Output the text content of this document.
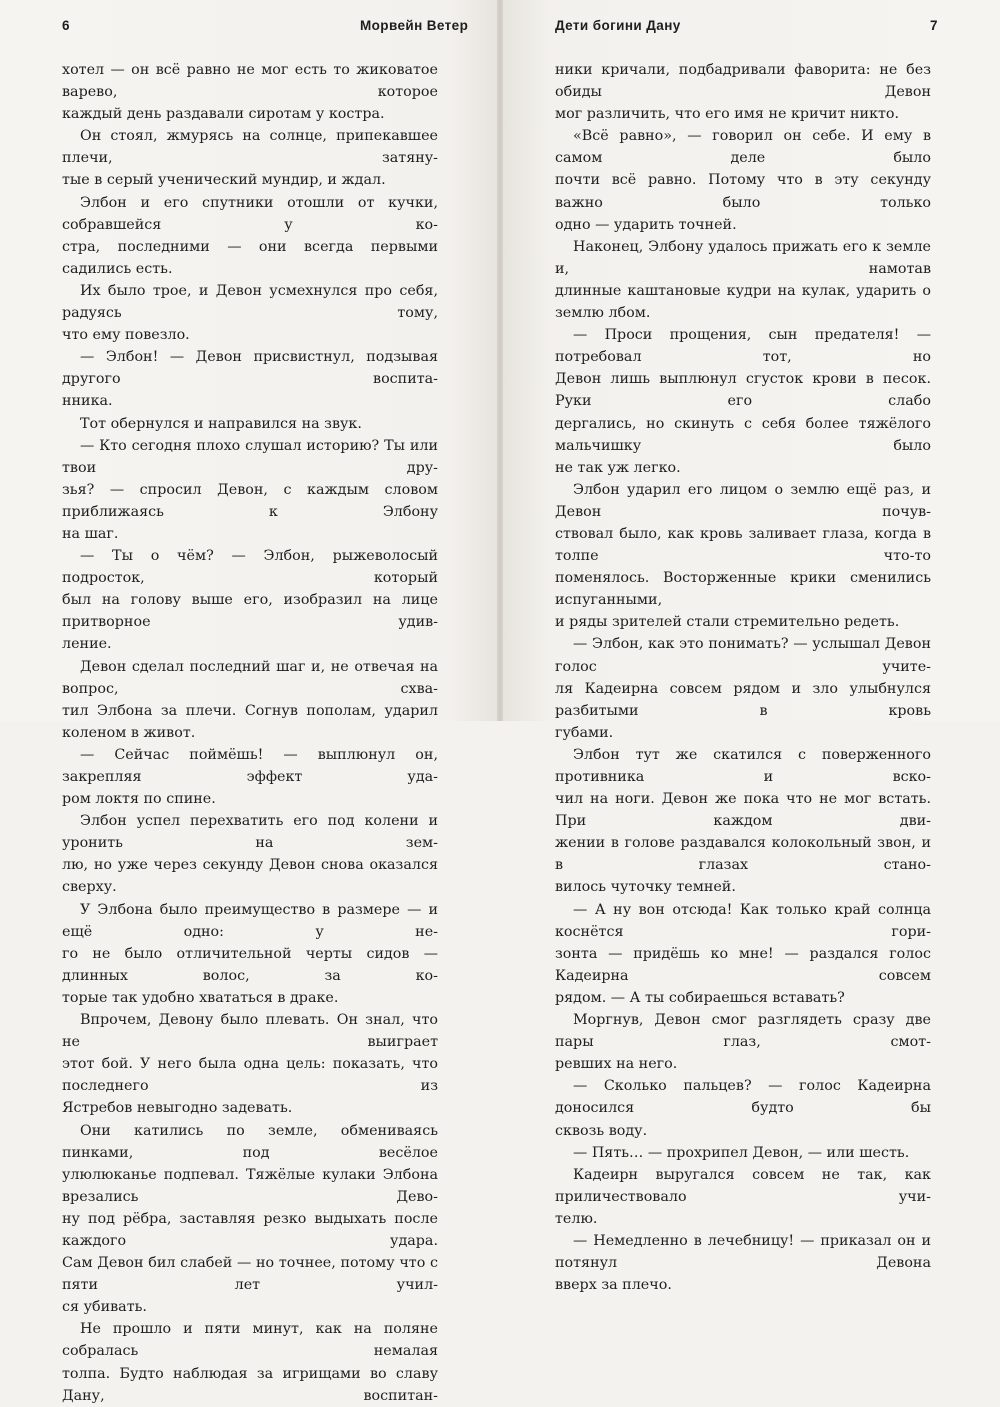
6	Морвейн Ветер

хотел — он всё равно не мог есть то жиковатое варево, которое

каждый день раздавали сиротам у костра.

Он стоял, жмурясь на солнце, припекавшее плечи, затяну-

тые в серый ученический мундир, и ждал.

Элбон и его спутники отошли от кучки, собравшейся у ко-

стра, последними — они всегда первыми садились есть.

Их было трое, и Девон усмехнулся про себя, радуясь тому,

что ему повезло.

— Элбон! — Девон присвистнул, подзывая другого воспита-

нника.

Тот обернулся и направился на звук.

— Кто сегодня плохо слушал историю? Ты или твои дру-

зья? — спросил Девон, с каждым словом приближаясь к Элбону

на шаг.

— Ты о чём? — Элбон, рыжеволосый подросток, который

был на голову выше его, изобразил на лице притворное удив-

ление.

Девон сделал последний шаг и, не отвечая на вопрос, схва-

тил Элбона за плечи. Согнув пополам, ударил коленом в живот.

— Сейчас поймёшь! — выплюнул он, закрепляя эффект уда-

ром локтя по спине.

Элбон успел перехватить его под колени и уронить на зем-

лю, но уже через секунду Девон снова оказался сверху.

У Элбона было преимущество в размере — и ещё одно: у не-

го не было отличительной черты сидов — длинных волос, за ко-

торые так удобно хвататься в драке.

Впрочем, Девону было плевать. Он знал, что не выиграет

этот бой. У него была одна цель: показать, что последнего из

Ястребов невыгодно задевать.

Они катились по земле, обмениваясь пинками, под весёлое

улюлюканье подпевал. Тяжёлые кулаки Элбона врезались Дево-

ну под рёбра, заставляя резко выдыхать после каждого удара.

Сам Девон бил слабей — но точнее, потому что с пяти лет учил-

ся убивать.

Не прошло и пяти минут, как на поляне собралась немалая

толпа. Будто наблюдая за игрищами во славу Дану, воспитан-

Дети богини Дану	7

ники кричали, подбадривали фаворита: не без обиды Девон

мог различить, что его имя не кричит никто.

«Всё равно», — говорил он себе. И ему в самом деле было

почти всё равно. Потому что в эту секунду важно было только

одно — ударить точней.

Наконец, Элбону удалось прижать его к земле и, намотав

длинные каштановые кудри на кулак, ударить о землю лбом.

— Проси прощения, сын предателя! — потребовал тот, но

Девон лишь выплюнул сгусток крови в песок. Руки его слабо

дергались, но скинуть с себя более тяжёлого мальчишку было

не так уж легко.

Элбон ударил его лицом о землю ещё раз, и Девон почув-

ствовал было, как кровь заливает глаза, когда в толпе что-то

поменялось. Восторженные крики сменились испуганными,

и ряды зрителей стали стремительно редеть.

— Элбон, как это понимать? — услышал Девон голос учите-

ля Кадеирна совсем рядом и зло улыбнулся разбитыми в кровь

губами.

Элбон тут же скатился с поверженного противника и вско-

чил на ноги. Девон же пока что не мог встать. При каждом дви-

жении в голове раздавался колокольный звон, и в глазах стано-

вилось чуточку темней.

— А ну вон отсюда! Как только край солнца коснётся гори-

зонта — придёшь ко мне! — раздался голос Кадеирна совсем

рядом. — А ты собираешься вставать?

Моргнув, Девон смог разглядеть сразу две пары глаз, смот-

ревших на него.

— Сколько пальцев? — голос Кадеирна доносился будто бы

сквозь воду.

— Пять… — прохрипел Девон, — или шесть.

Кадеирн выругался совсем не так, как приличествовало учи-

телю.

— Немедленно в лечебницу! — приказал он и потянул Девона

вверх за плечо.
